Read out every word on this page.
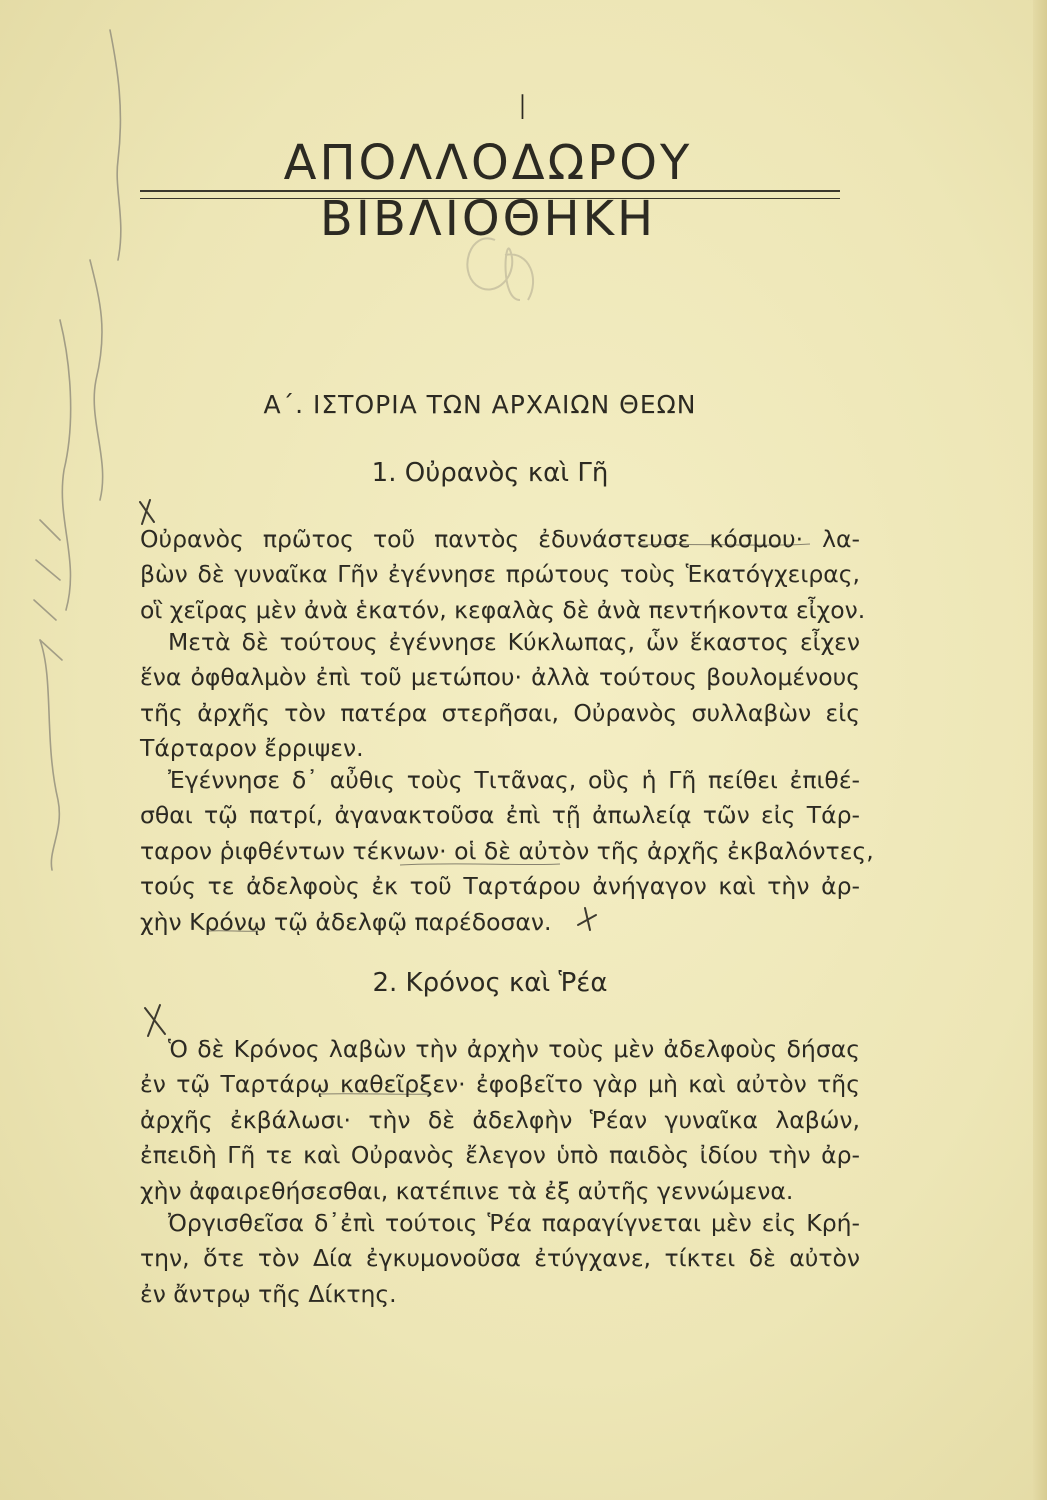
Ι
ΑΠΟΛΛΟΔΩΡΟΥ ΒΙΒΛΙΟΘΗΚΗ
Α΄. ΙΣΤΟΡΙΑ ΤΩΝ ΑΡΧΑΙΩΝ ΘΕΩΝ
1. Οὐρανὸς καὶ Γῆ

Οὐρανὸς πρῶτος τοῦ παντὸς ἐδυνάστευσε κόσμου· λα-
βὼν δὲ γυναῖκα Γῆν ἐγέννησε πρώτους τοὺς Ἑκατόγχειρας,
οἳ χεῖρας μὲν ἀνὰ ἑκατόν, κεφαλὰς δὲ ἀνὰ πεντήκοντα εἶχον.

Μετὰ δὲ τούτους ἐγέννησε Κύκλωπας, ὧν ἕκαστος εἶχεν
ἕνα ὀφθαλμὸν ἐπὶ τοῦ μετώπου· ἀλλὰ τούτους βουλομένους
τῆς ἀρχῆς τὸν πατέρα στερῆσαι, Οὐρανὸς συλλαβὼν εἰς
Τάρταρον ἔρριψεν.

Ἐγέννησε δ᾽ αὖθις τοὺς Τιτᾶνας, οὓς ἡ Γῆ πείθει ἐπιθέ-
σθαι τῷ πατρί, ἀγανακτοῦσα ἐπὶ τῇ ἀπωλείᾳ τῶν εἰς Τάρ-
ταρον ῥιφθέντων τέκνων· οἱ δὲ αὐτὸν τῆς ἀρχῆς ἐκβαλόντες,
τούς τε ἀδελφοὺς ἐκ τοῦ Ταρτάρου ἀνήγαγον καὶ τὴν ἀρ-
χὴν Κρόνῳ τῷ ἀδελφῷ παρέδοσαν.

2. Κρόνος καὶ Ῥέα

Ὁ δὲ Κρόνος λαβὼν τὴν ἀρχὴν τοὺς μὲν ἀδελφοὺς δήσας
ἐν τῷ Ταρτάρῳ καθεῖρξεν· ἐφοβεῖτο γὰρ μὴ καὶ αὐτὸν τῆς
ἀρχῆς ἐκβάλωσι· τὴν δὲ ἀδελφὴν Ῥέαν γυναῖκα λαβών,
ἐπειδὴ Γῆ τε καὶ Οὐρανὸς ἔλεγον ὑπὸ παιδὸς ἰδίου τὴν ἀρ-
χὴν ἀφαιρεθήσεσθαι, κατέπινε τὰ ἐξ αὐτῆς γεννώμενα.

Ὀργισθεῖσα δ᾽ἐπὶ τούτοις Ῥέα παραγίγνεται μὲν εἰς Κρή-
την, ὅτε τὸν Δία ἐγκυμονοῦσα ἐτύγχανε, τίκτει δὲ αὐτὸν
ἐν ἄντρῳ τῆς Δίκτης.
